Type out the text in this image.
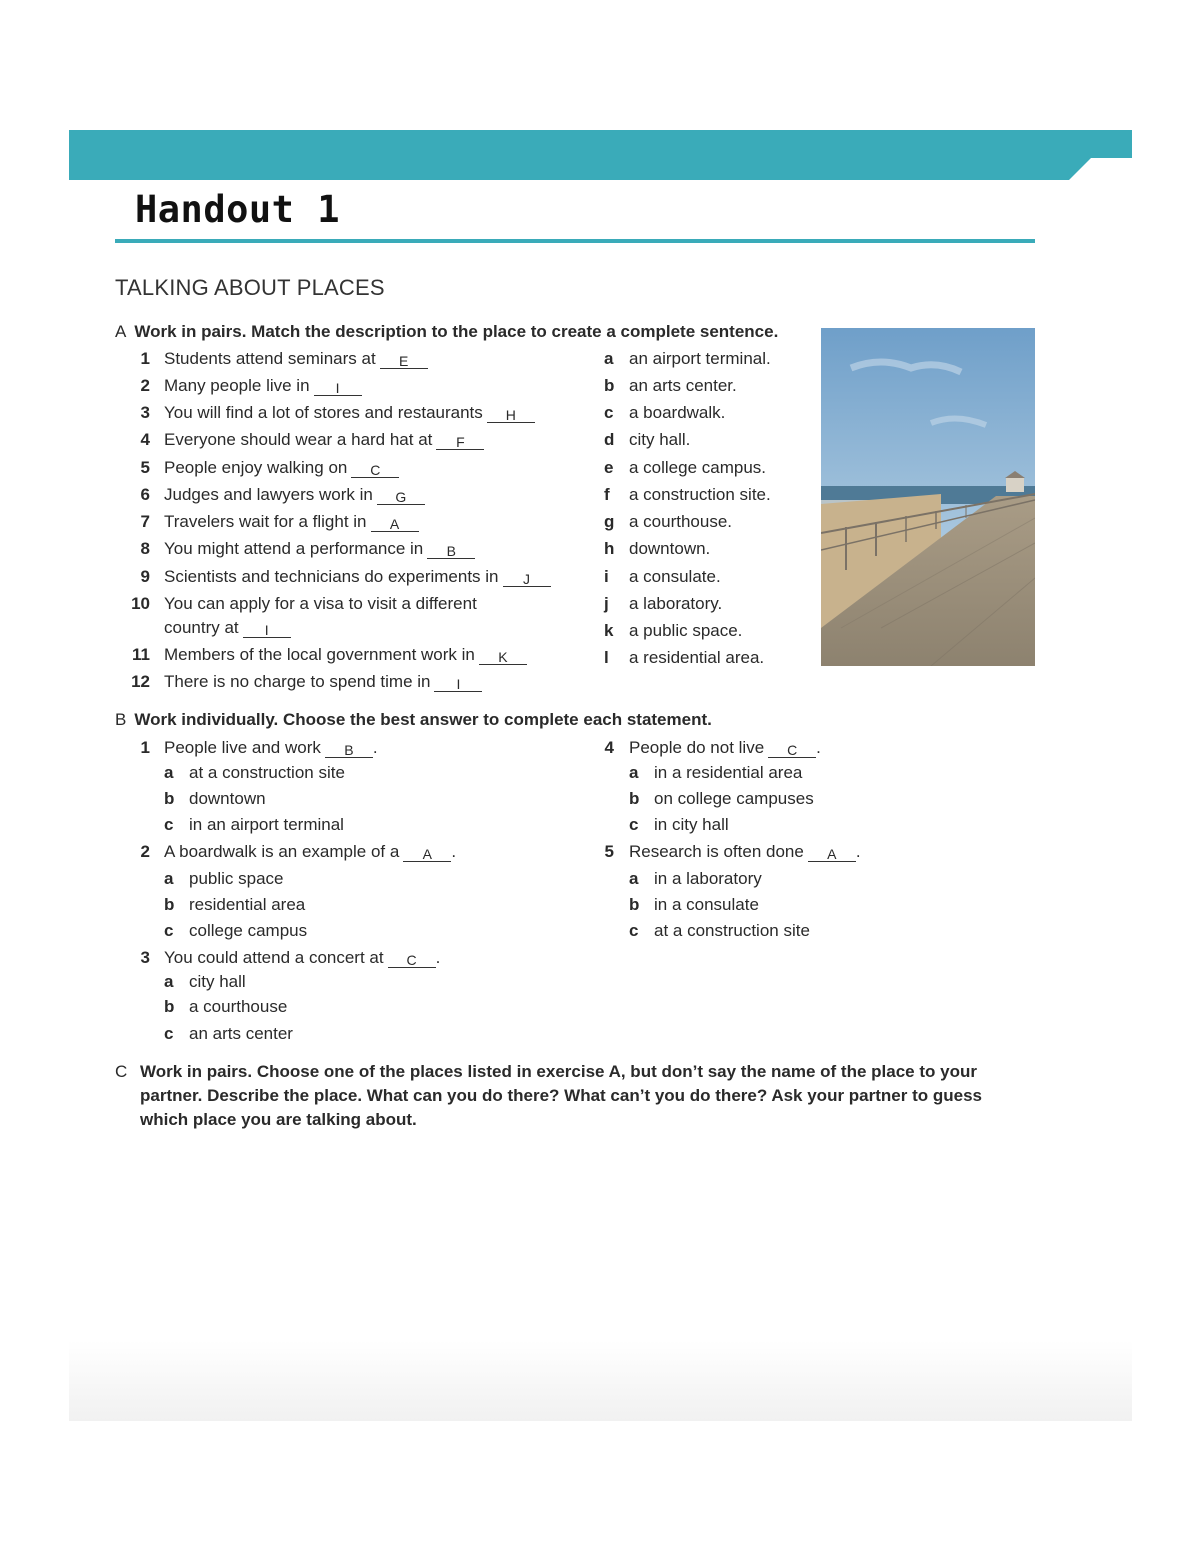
Handout 1
TALKING ABOUT PLACES
A Work in pairs. Match the description to the place to create a complete sentence.
1 Students attend seminars at E
2 Many people live in I
3 You will find a lot of stores and restaurants H
4 Everyone should wear a hard hat at F
5 People enjoy walking on C
6 Judges and lawyers work in G
7 Travelers wait for a flight in A
8 You might attend a performance in B
9 Scientists and technicians do experiments in J
10 You can apply for a visa to visit a different
country at I
11 Members of the local government work in K
12 There is no charge to spend time in I
a an airport terminal.
b an arts center.
c a boardwalk.
d city hall.
e a college campus.
f	a construction site.
g a courthouse.
h downtown.
i	a consulate.
j	a laboratory.
k a public space.
l	a residential area.
B Work individually. Choose the best answer to complete each statement.
1 People live and work B .
a at a construction site
b downtown
c in an airport terminal
2 A boardwalk is an example of a A .
a public space
b residential area
c college campus
3 You could attend a concert at C .
a city hall
b a courthouse
c an arts center
4 People do not live C .
a in a residential area
b on college campuses
c in city hall
5 Research is often done A .
a in a laboratory
b in a consulate
c at a construction site
C Work in pairs. Choose one of the places listed in exercise A, but don’t say the name of the place to your partner. Describe the place. What can you do there? What can’t you do there? Ask your partner to guess which place you are talking about.
